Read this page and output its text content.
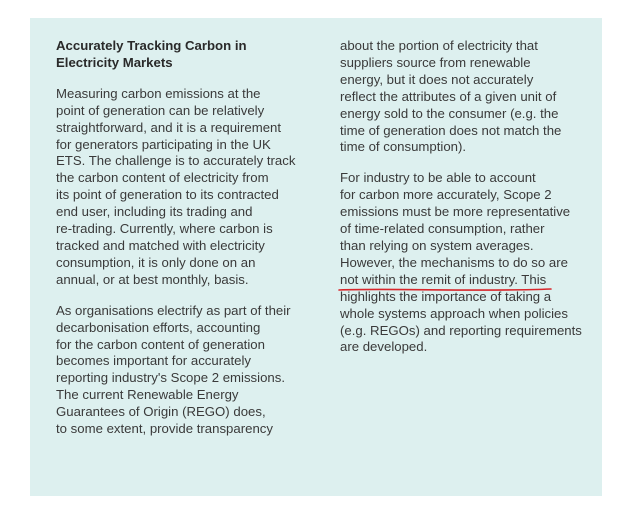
Accurately Tracking Carbon in
Electricity Markets
Measuring carbon emissions at the
point of generation can be relatively
straightforward, and it is a requirement
for generators participating in the UK
ETS. The challenge is to accurately track
the carbon content of electricity from
its point of generation to its contracted
end user, including its trading and
re-trading. Currently, where carbon is
tracked and matched with electricity
consumption, it is only done on an
annual, or at best monthly, basis.
As organisations electrify as part of their
decarbonisation efforts, accounting
for the carbon content of generation
becomes important for accurately
reporting industry's Scope 2 emissions.
The current Renewable Energy
Guarantees of Origin (REGO) does,
to some extent, provide transparency
about the portion of electricity that
suppliers source from renewable
energy, but it does not accurately
reflect the attributes of a given unit of
energy sold to the consumer (e.g. the
time of generation does not match the
time of consumption).
For industry to be able to account
for carbon more accurately, Scope 2
emissions must be more representative
of time-related consumption, rather
than relying on system averages.
However, the mechanisms to do so are
not within the remit of industry.
This
highlights the importance of taking a
whole systems approach when policies
(e.g. REGOs) and reporting requirements
are developed.
